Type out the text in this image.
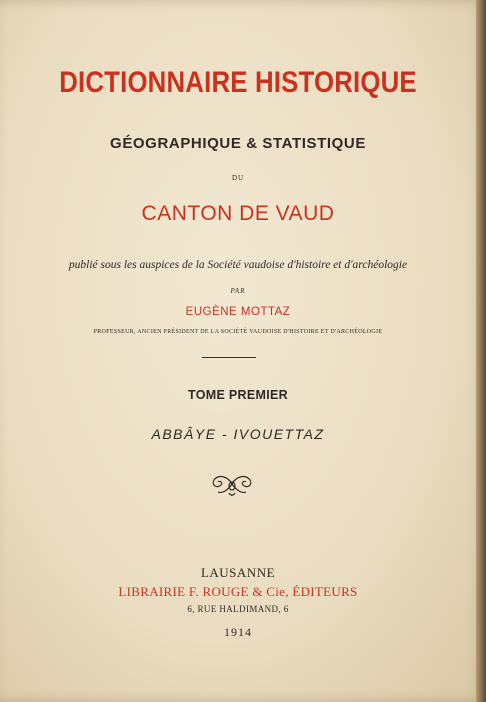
DICTIONNAIRE HISTORIQUE
GÉOGRAPHIQUE & STATISTIQUE
DU
CANTON DE VAUD
publié sous les auspices de la Société vaudoise d'histoire et d'archéologie
PAR
EUGÈNE MOTTAZ
PROFESSEUR, ANCIEN PRÉSIDENT DE LA SOCIÉTÉ VAUDOISE D'HISTOIRE ET D'ARCHÉOLOGIE
TOME PREMIER
ABBÂYE - IVOUETTAZ
LAUSANNE
LIBRAIRIE F. ROUGE & Cie, ÉDITEURS
6, RUE HALDIMAND, 6
1914
